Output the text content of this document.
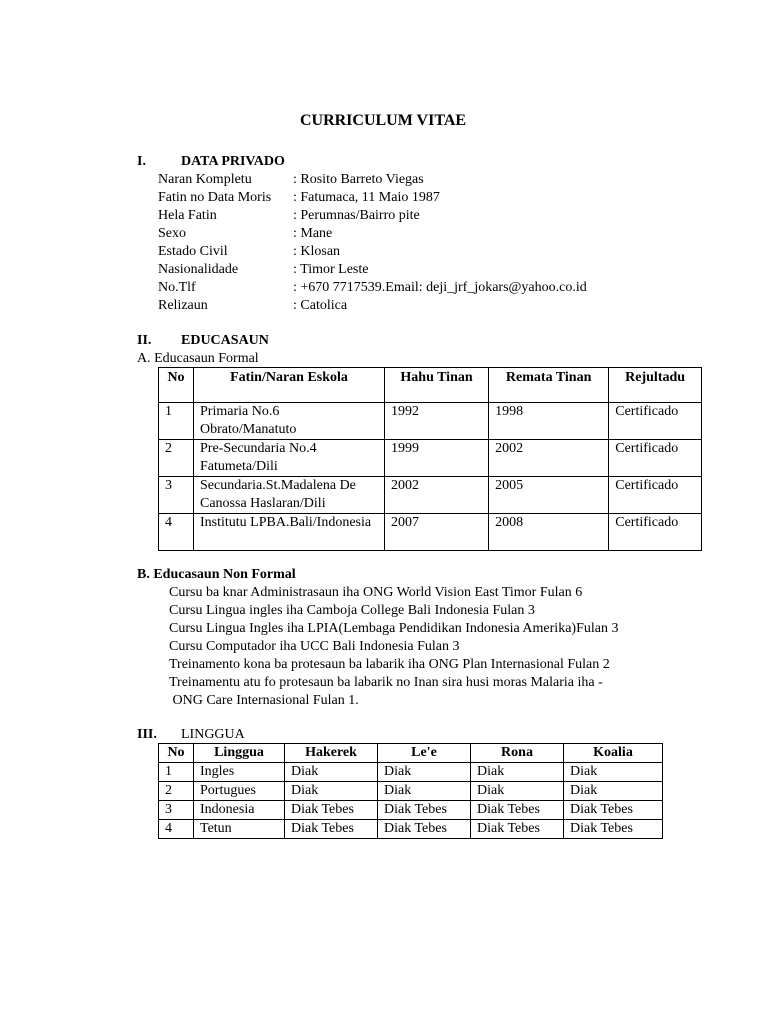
CURRICULUM VITAE
I.	DATA PRIVADO
Naran Kompletu	: Rosito Barreto Viegas
Fatin no Data Moris : Fatumaca, 11 Maio 1987
Hela Fatin	: Perumnas/Bairro pite
Sexo	: Mane
Estado Civil	: Klosan
Nasionalidade	: Timor Leste
No.Tlf	: +670 7717539.Email: deji_jrf_jokars@yahoo.co.id
Relizaun	: Catolica
II. EDUCASAUN
A. Educasaun Formal
No	Fatin/Naran Eskola	Hahu Tinan	Remata Tinan	Rejultadu
1	Primaria No.6 Obrato/Manatuto	1992	1998	Certificado
2	Pre-Secundaria No.4 Fatumeta/Dili	1999	2002	Certificado
3	Secundaria.St.Madalena De Canossa Haslaran/Dili	2002	2005	Certificado
4	Institutu LPBA.Bali/Indonesia	2007	2008	Certificado
B. Educasaun Non Formal
Cursu ba knar Administrasaun iha ONG World Vision East Timor Fulan 6
Cursu Lingua ingles iha Camboja College Bali Indonesia Fulan 3
Cursu Lingua Ingles iha LPIA(Lembaga Pendidikan Indonesia Amerika)Fulan 3
Cursu Computador iha UCC Bali Indonesia Fulan 3
Treinamento kona ba protesaun ba labarik iha ONG Plan Internasional Fulan 2
Treinamentu atu fo protesaun ba labarik no Inan sira husi moras Malaria iha -
ONG Care Internasional Fulan 1.
III. LINGGUA
No	Linggua	Hakerek	Le'e	Rona	Koalia
1	Ingles	Diak	Diak	Diak	Diak
2	Portugues	Diak	Diak	Diak	Diak
3	Indonesia	Diak Tebes	Diak Tebes	Diak Tebes	Diak Tebes
4	Tetun	Diak Tebes	Diak Tebes	Diak Tebes	Diak Tebes
